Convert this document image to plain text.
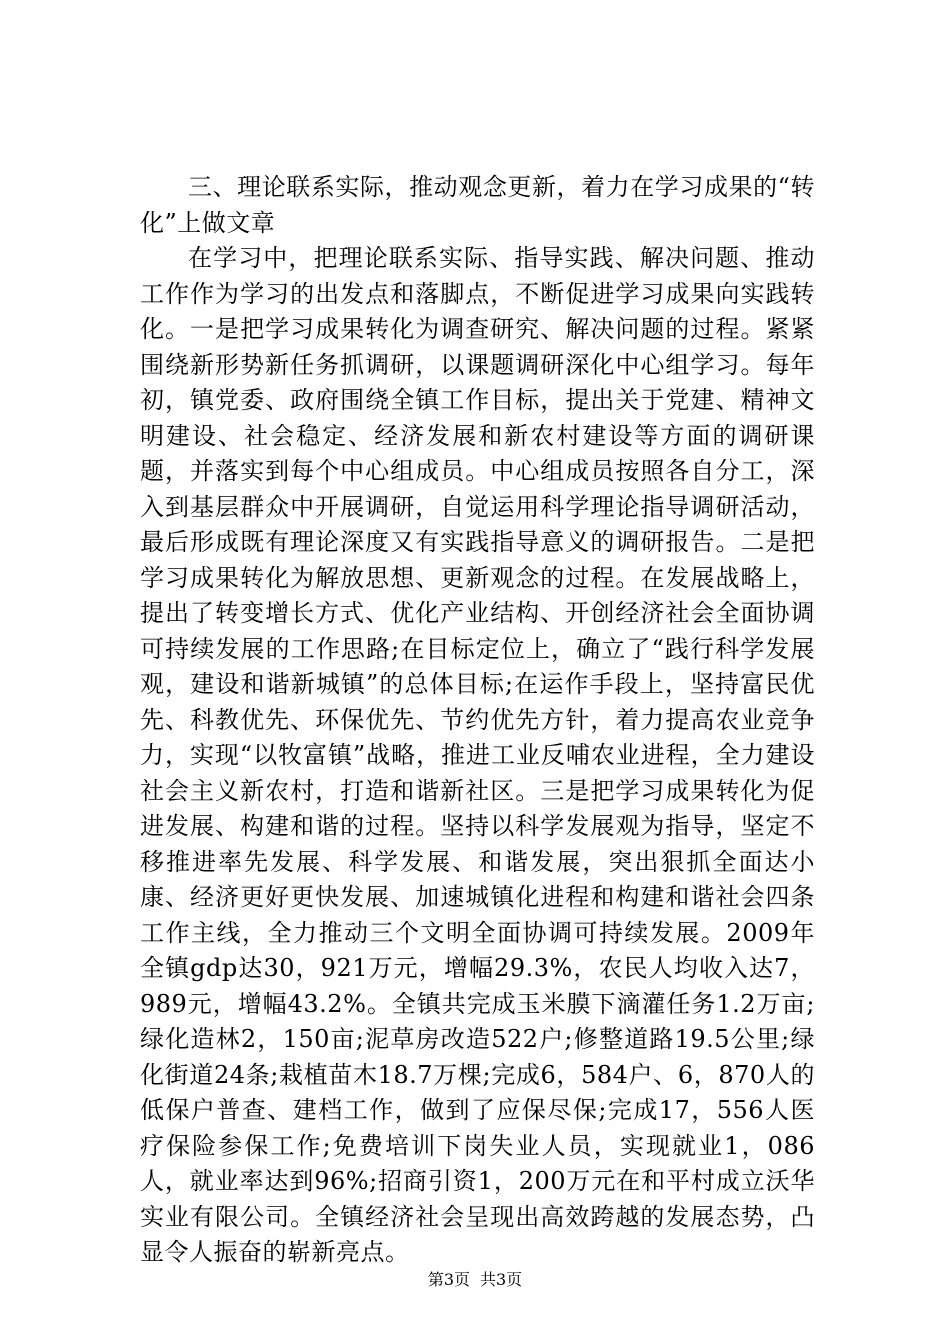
三、理论联系实际，推动观念更新，着力在学习成果的“转化”上做文章

在学习中，把理论联系实际、指导实践、解决问题、推动工作作为学习的出发点和落脚点，不断促进学习成果向实践转化。一是把学习成果转化为调查研究、解决问题的过程。紧紧围绕新形势新任务抓调研，以课题调研深化中心组学习。每年初，镇党委、政府围绕全镇工作目标，提出关于党建、精神文明建设、社会稳定、经济发展和新农村建设等方面的调研课题，并落实到每个中心组成员。中心组成员按照各自分工，深入到基层群众中开展调研，自觉运用科学理论指导调研活动，最后形成既有理论深度又有实践指导意义的调研报告。二是把学习成果转化为解放思想、更新观念的过程。在发展战略上，提出了转变增长方式、优化产业结构、开创经济社会全面协调可持续发展的工作思路;在目标定位上，确立了“践行科学发展观，建设和谐新城镇”的总体目标;在运作手段上，坚持富民优先、科教优先、环保优先、节约优先方针，着力提高农业竞争力，实现“以牧富镇”战略，推进工业反哺农业进程，全力建设社会主义新农村，打造和谐新社区。三是把学习成果转化为促进发展、构建和谐的过程。坚持以科学发展观为指导，坚定不移推进率先发展、科学发展、和谐发展，突出狠抓全面达小康、经济更好更快发展、加速城镇化进程和构建和谐社会四条工作主线，全力推动三个文明全面协调可持续发展。2009年全镇gdp达30，921万元，增幅29.3%，农民人均收入达7，989元，增幅43.2%。全镇共完成玉米膜下滴灌任务1.2万亩;绿化造林2，150亩;泥草房改造522户;修整道路19.5公里;绿化街道24条;栽植苗木18.7万棵;完成6，584户、6，870人的低保户普查、建档工作，做到了应保尽保;完成17，556人医疗保险参保工作;免费培训下岗失业人员，实现就业1，086人，就业率达到96%;招商引资1，200万元在和平村成立沃华实业有限公司。全镇经济社会呈现出高效跨越的发展态势，凸显令人振奋的崭新亮点。

第3页 共3页
